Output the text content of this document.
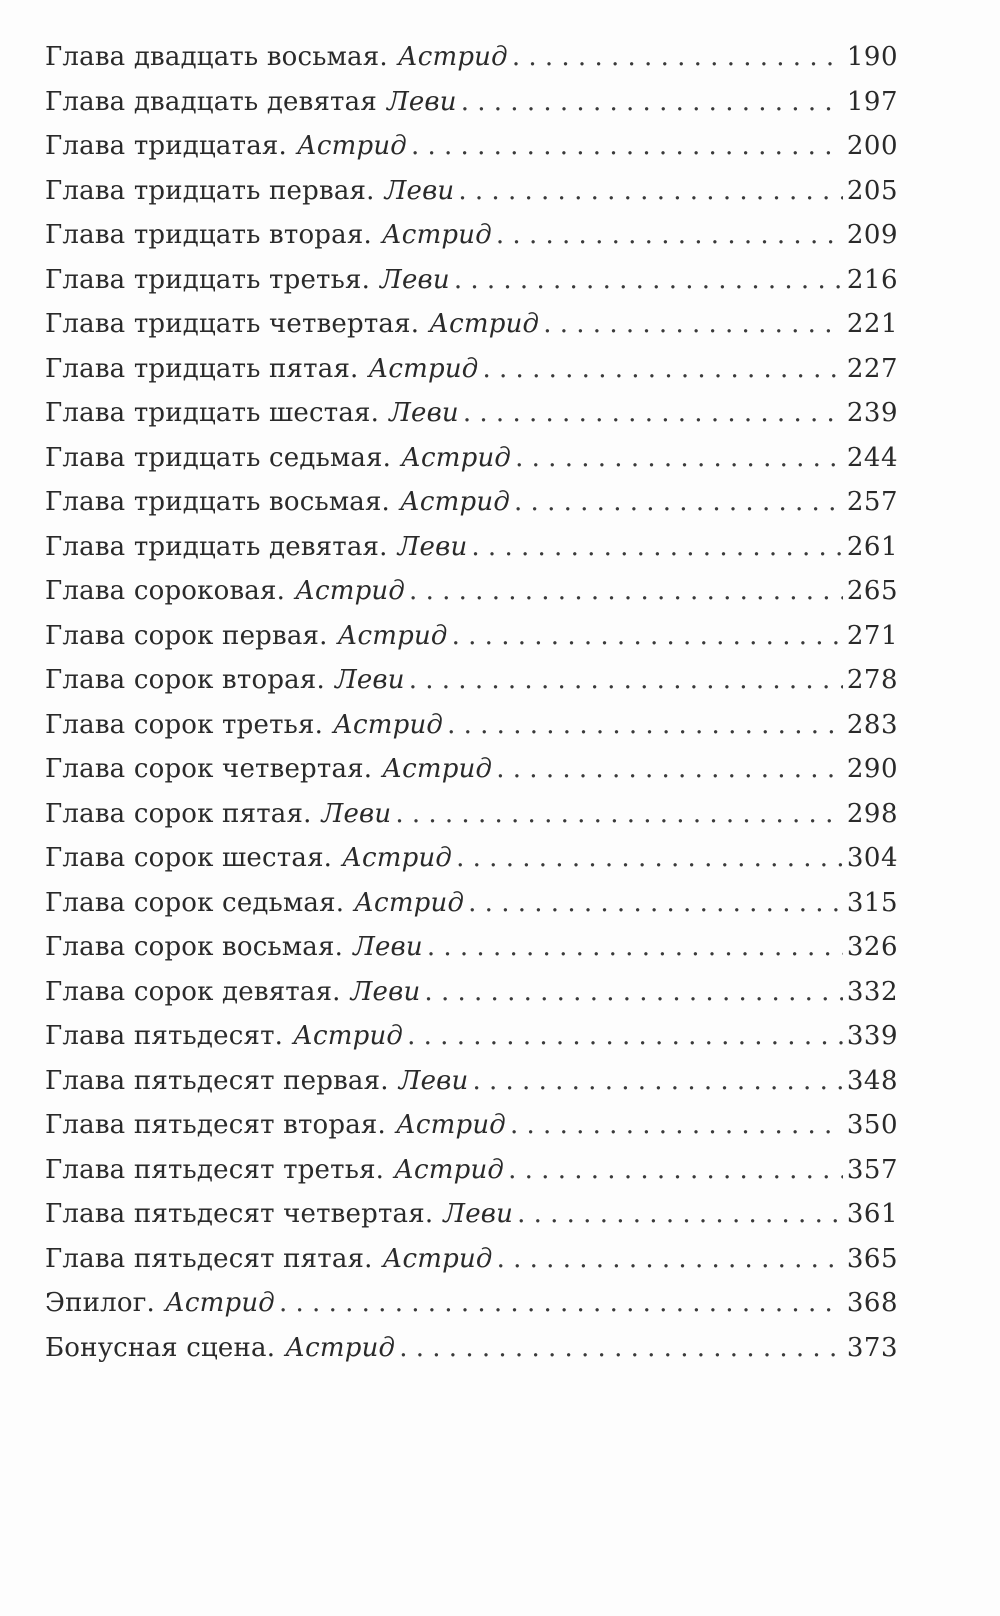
Глава двадцать восьмая. Астрид . . .	190
Глава двадцать девятая Леви . . .	197
Глава тридцатая. Астрид . . .	200
Глава тридцать первая. Леви . . .	205
Глава тридцать вторая. Астрид . . .	209
Глава тридцать третья. Леви . . .	216
Глава тридцать четвертая. Астрид . . .	221
Глава тридцать пятая. Астрид . . .	227
Глава тридцать шестая. Леви . . .	239
Глава тридцать седьмая. Астрид . . .	244
Глава тридцать восьмая. Астрид . . .	257
Глава тридцать девятая. Леви . . .	261
Глава сороковая. Астрид . . .	265
Глава сорок первая. Астрид . . .	271
Глава сорок вторая. Леви . . .	278
Глава сорок третья. Астрид . . .	283
Глава сорок четвертая. Астрид . . .	290
Глава сорок пятая. Леви . . .	298
Глава сорок шестая. Астрид . . .	304
Глава сорок седьмая. Астрид . . .	315
Глава сорок восьмая. Леви . . .	326
Глава сорок девятая. Леви . . .	332
Глава пятьдесят. Астрид . . .	339
Глава пятьдесят первая. Леви . . .	348
Глава пятьдесят вторая. Астрид . . .	350
Глава пятьдесят третья. Астрид . . .	357
Глава пятьдесят четвертая. Леви . . .	361
Глава пятьдесят пятая. Астрид . . .	365
Эпилог. Астрид . . .	368
Бонусная сцена. Астрид . . .	373
